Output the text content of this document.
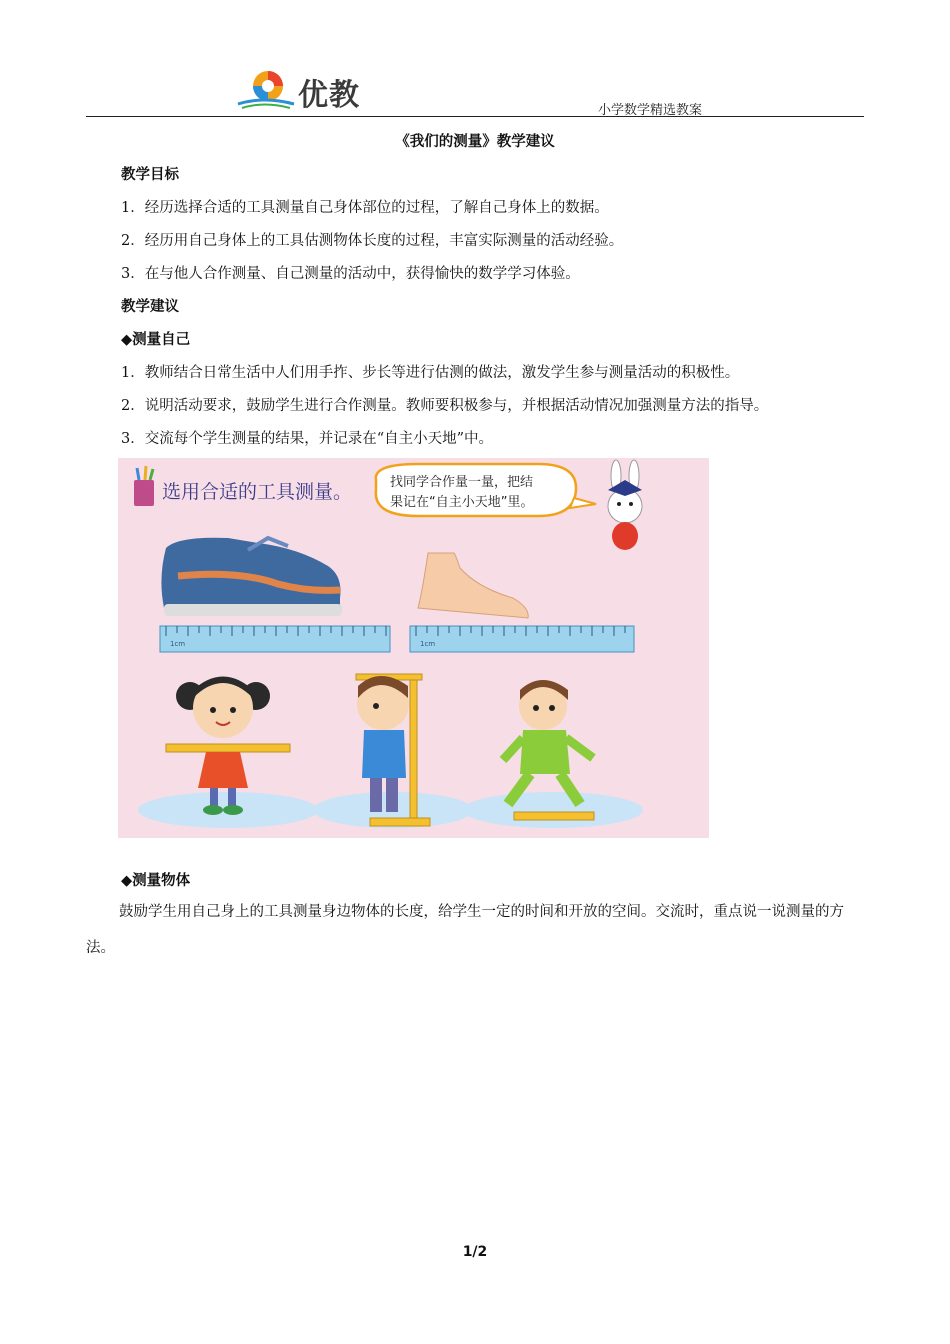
优教	小学数学精选教案
《我们的测量》教学建议
教学目标
1．经历选择合适的工具测量自己身体部位的过程，了解自己身体上的数据。
2．经历用自己身体上的工具估测物体长度的过程，丰富实际测量的活动经验。
3．在与他人合作测量、自己测量的活动中，获得愉快的数学学习体验。
教学建议
◆测量自己
1．教师结合日常生活中人们用手拃、步长等进行估测的做法，激发学生参与测量活动的积极性。
2．说明活动要求，鼓励学生进行合作测量。教师要积极参与，并根据活动情况加强测量方法的指导。
3．交流每个学生测量的结果，并记录在“自主小天地”中。
选用合适的工具测量。	找同学合作量一量，把结
果记在“自主小天地”里。
1cm	1cm
◆测量物体
鼓励学生用自己身上的工具测量身边物体的长度，给学生一定的时间和开放的空间。交流时，重点说一说测量的方法。
1/2
